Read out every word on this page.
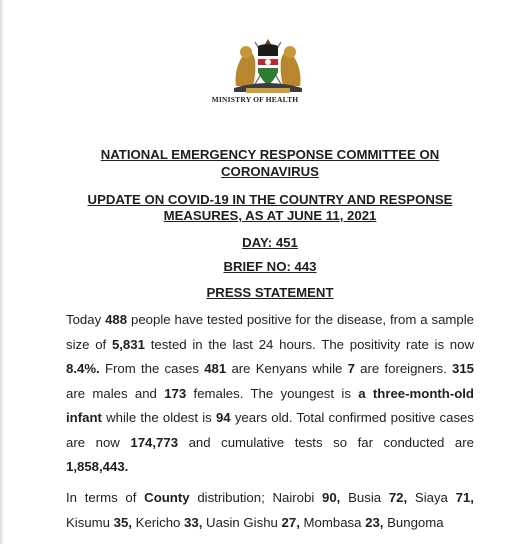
MINISTRY OF HEALTH
NATIONAL EMERGENCY RESPONSE COMMITTEE ON
CORONAVIRUS
UPDATE ON COVID-19 IN THE COUNTRY AND RESPONSE
MEASURES, AS AT JUNE 11, 2021
DAY: 451
BRIEF NO: 443
PRESS STATEMENT
Today 488 people have tested positive for the disease, from a sample size of 5,831 tested in the last 24 hours. The positivity rate is now 8.4%. From the cases 481 are Kenyans while 7 are foreigners. 315 are males and 173 females. The youngest is a three-month-old infant while the oldest is 94 years old. Total confirmed positive cases are now 174,773 and cumulative tests so far conducted are 1,858,443.
In terms of County distribution; Nairobi 90, Busia 72, Siaya 71, Kisumu 35, Kericho 33, Uasin Gishu 27, Mombasa 23, Bungoma
